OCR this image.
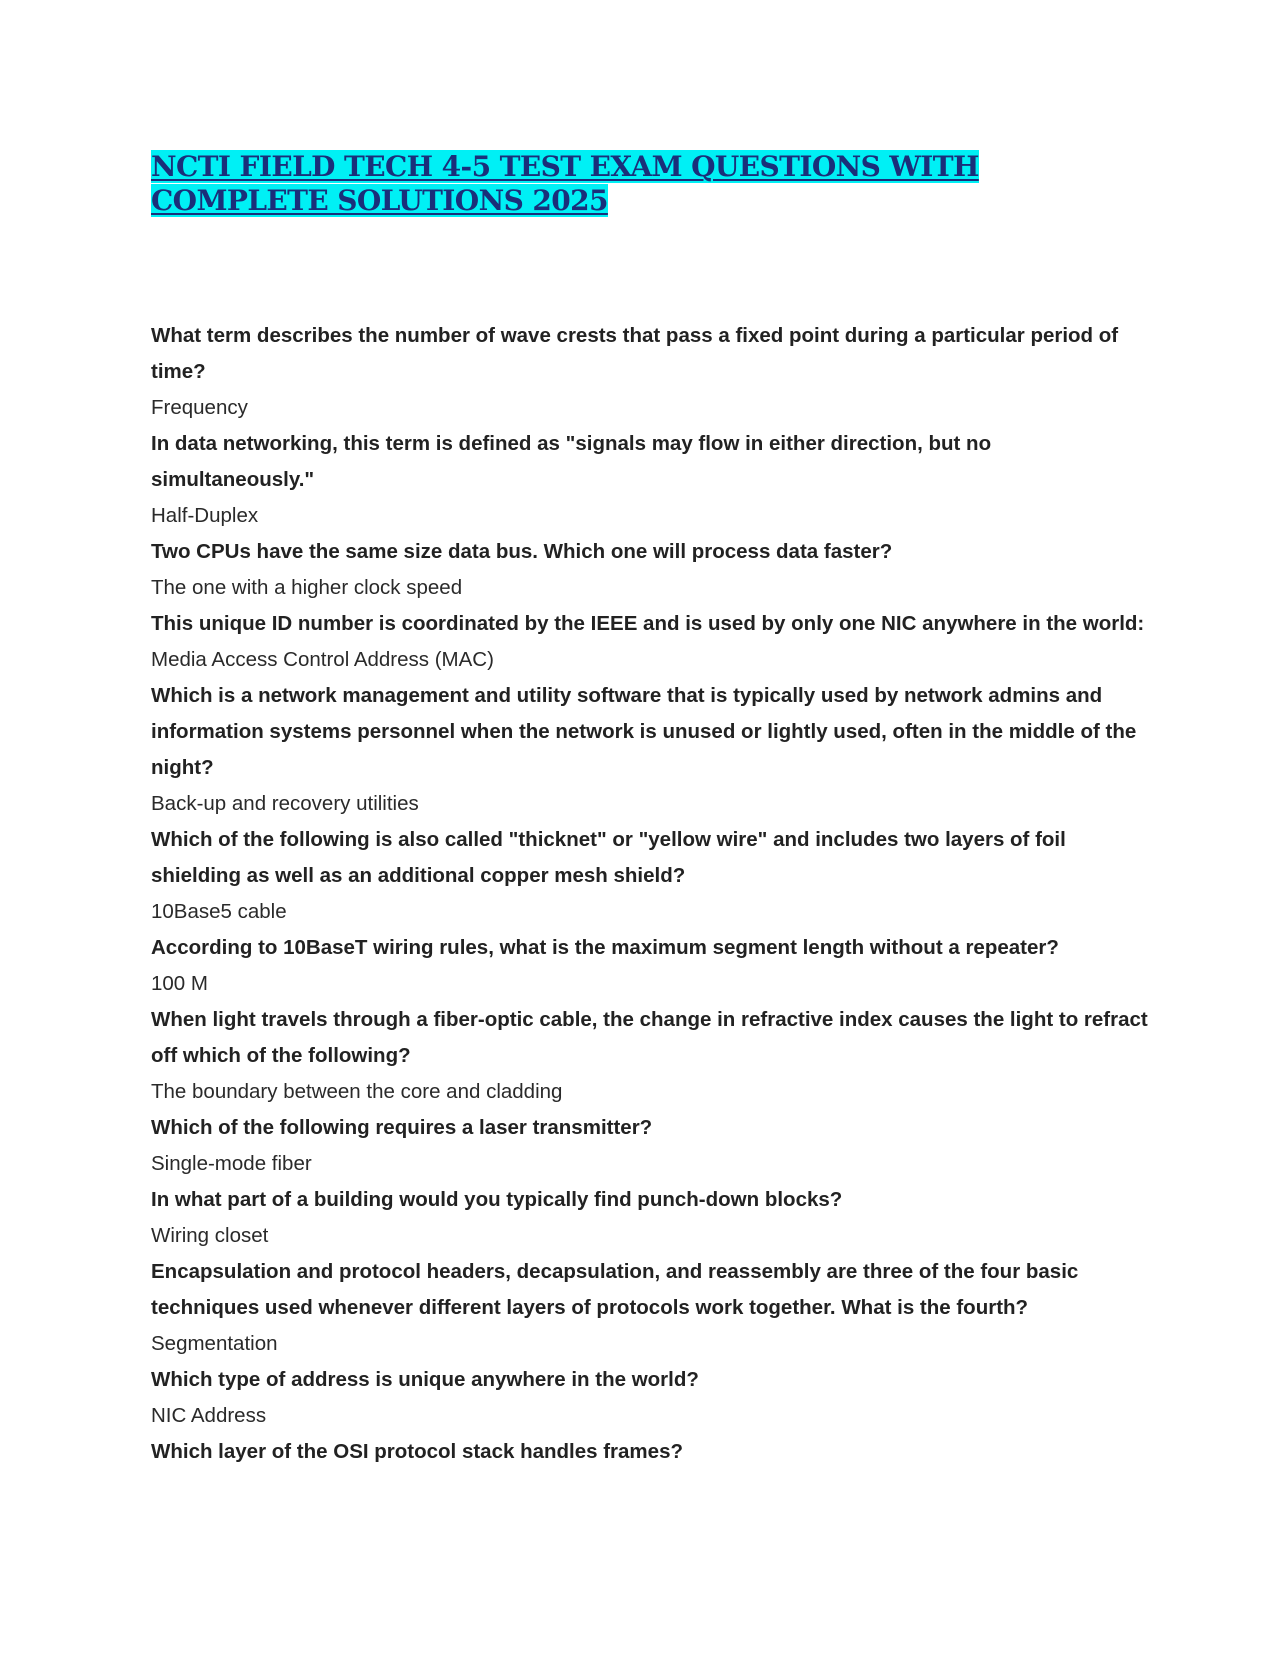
NCTI FIELD TECH 4-5 TEST EXAM QUESTIONS WITH
COMPLETE SOLUTIONS 2025

What term describes the number of wave crests that pass a fixed point during a particular period of time?

Frequency

In data networking, this term is defined as "signals may flow in either direction, but no simultaneously."

Half-Duplex

Two CPUs have the same size data bus. Which one will process data faster?

The one with a higher clock speed

This unique ID number is coordinated by the IEEE and is used by only one NIC anywhere in the world:

Media Access Control Address (MAC)

Which is a network management and utility software that is typically used by network admins and information systems personnel when the network is unused or lightly used, often in the middle of the night?

Back-up and recovery utilities

Which of the following is also called "thicknet" or "yellow wire" and includes two layers of foil shielding as well as an additional copper mesh shield?

10Base5 cable

According to 10BaseT wiring rules, what is the maximum segment length without a repeater?

100 M

When light travels through a fiber-optic cable, the change in refractive index causes the light to refract off which of the following?

The boundary between the core and cladding

Which of the following requires a laser transmitter?

Single-mode fiber

In what part of a building would you typically find punch-down blocks?

Wiring closet

Encapsulation and protocol headers, decapsulation, and reassembly are three of the four basic techniques used whenever different layers of protocols work together. What is the fourth?

Segmentation

Which type of address is unique anywhere in the world?

NIC Address

Which layer of the OSI protocol stack handles frames?
